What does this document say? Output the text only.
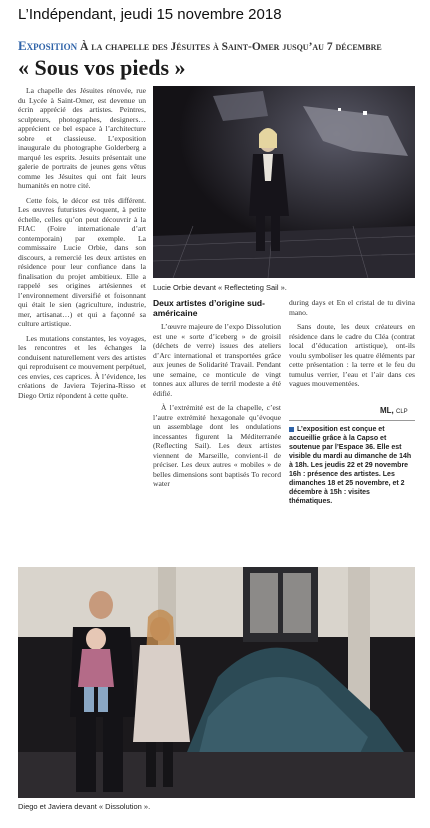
L’Indépendant, jeudi 15 novembre 2018
Exposition À la chapelle des Jésuites à Saint-Omer jusqu’au 7 décembre
« Sous vos pieds »

La chapelle des Jésuites rénovée, rue du Lycée à Saint-Omer, est devenue un écrin apprécié des artistes. Peintres, sculpteurs, photographes, designers… apprécient ce bel espace à l’architecture sobre et classieuse. L’exposition inaugurale du photographe Golderberg a marqué les esprits. Jesuits présentait une galerie de portraits de jeunes gens vêtus comme les Jésuites qui ont fait leurs humanités en notre cité.

Cette fois, le décor est très différent. Les œuvres futuristes évoquent, à petite échelle, celles qu’on peut découvrir à la FIAC (Foire internationale d’art contemporain) par exemple. La commissaire Lucie Orbie, dans son discours, a remercié les deux artistes en résidence pour leur confiance dans la finalisation du projet ambitieux. Elle a rappelé ses origines artésiennes et l’environnement diversifié et foisonnant qui était le sien (agriculture, industrie, mer, artisanat…) et qui a façonné sa culture artistique.

Les mutations constantes, les voyages, les rencontres et les échanges la conduisent naturellement vers des artistes qui reproduisent ce mouvement perpétuel, ces envies, ces caprices. À l’évidence, les créations de Javiera Tejerina-Risso et Diego Ortiz répondent à cette quête.

Lucie Orbie devant « Reflecteting Sail ».
Deux artistes d’origine sud-américaine

L’œuvre majeure de l’expo Dissolution est une « sorte d’iceberg » de groisil (déchets de verre) issues des ateliers d’Arc international et transportées grâce aux jeunes de Solidarité Travail. Pendant une semaine, ce monticule de vingt tonnes aux allures de terril modeste a été édifié.

À l’extrémité est de la chapelle, c’est l’autre extrémité hexagonale qu’évoque un assemblage dont les ondulations incessantes figurent la Méditerranée (Reflecting Sail). Les deux artistes viennent de Marseille, convient-il de préciser. Les deux autres « mobiles » de belles dimensions sont baptisés To record water

during days et En el cristal de tu divina mano.

Sans doute, les deux créateurs en résidence dans le cadre du Cléa (contrat local d’éducation artistique), ont-ils voulu symboliser les quatre éléments par cette présentation : la terre et le feu du tumulus verrier, l’eau et l’air dans ces vagues mouvementées.

ML, CLP
L’exposition est conçue et accueillie grâce à la Capso et soutenue par l’Espace 36. Elle est visible du mardi au dimanche de 14h à 18h. Les jeudis 22 et 29 novembre 16h : présence des artistes. Les dimanches 18 et 25 novembre, et 2 décembre à 15h : visites thématiques.
Diego et Javiera devant « Dissolution ».
